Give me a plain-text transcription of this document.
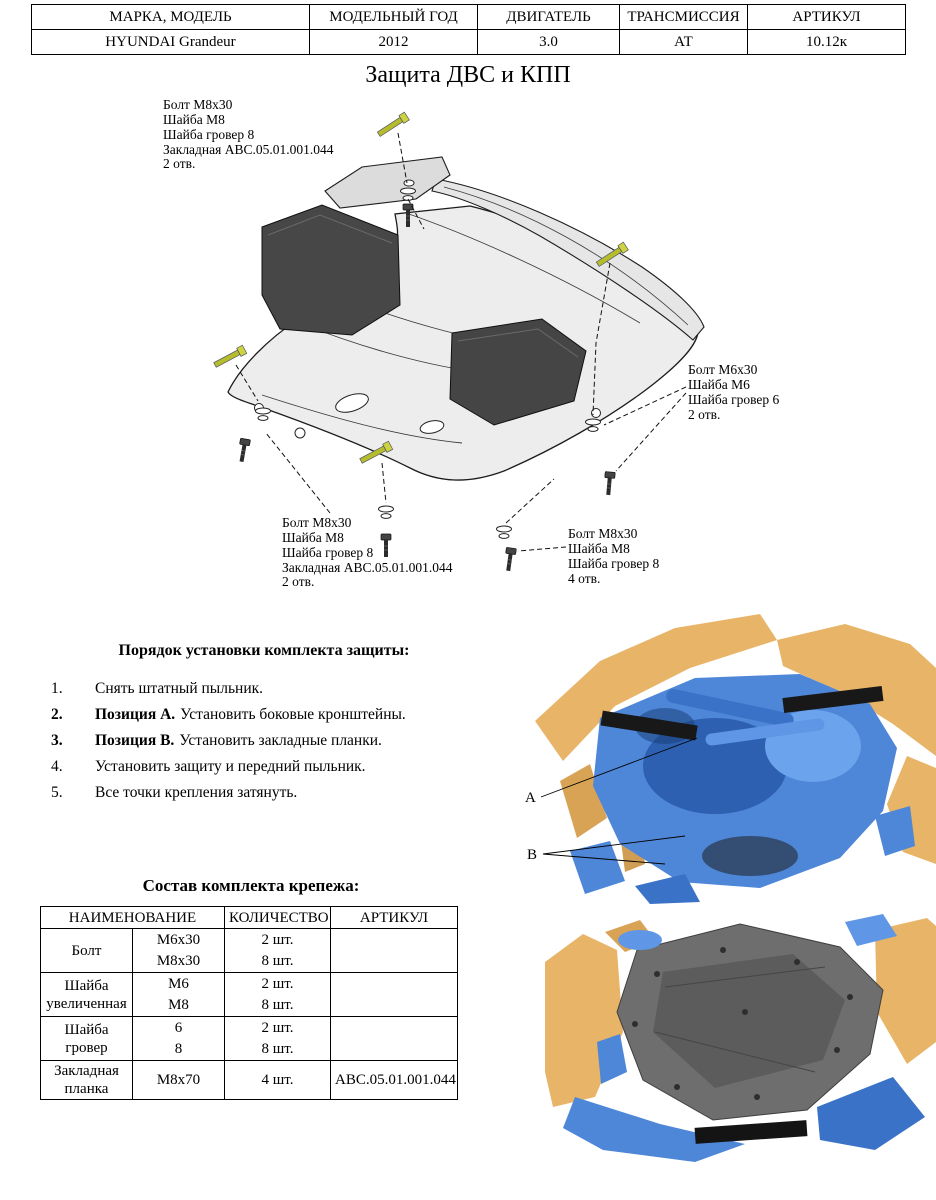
МАРКА, МОДЕЛЬ	МОДЕЛЬНЫЙ ГОД	ДВИГАТЕЛЬ	ТРАНСМИССИЯ	АРТИКУЛ
HYUNDAI Grandeur	2012	3.0	АТ	10.12к
Защита ДВС и КПП
Болт М8х30
Шайба М8
Шайба гровер 8
Закладная АВС.05.01.001.044
2 отв.
Болт М6х30
Шайба М6
Шайба гровер 6
2 отв.
Болт М8х30
Шайба М8
Шайба гровер 8
Закладная АВС.05.01.001.044
2 отв.
Болт М8х30
Шайба М8
Шайба гровер 8
4 отв.
Порядок установки комплекта защиты:
1.	Снять штатный пыльник.
2.	Позиция А. Установить боковые кронштейны.
3.	Позиция В. Установить закладные планки.
4.	Установить защиту и передний пыльник.
5.	Все точки крепления затянуть.	А
В
Состав комплекта крепежа:
НАИМЕНОВАНИЕ		КОЛИЧЕСТВО	АРТИКУЛ
Болт	М6х30	2 шт.	
	М8х30	8 шт.	
Шайба увеличенная	М6	2 шт.	
	М8	8 шт.	
Шайба гровер	6	2 шт.	
	8	8 шт.	
Закладная планка	М8х70	4 шт.	АВС.05.01.001.044
